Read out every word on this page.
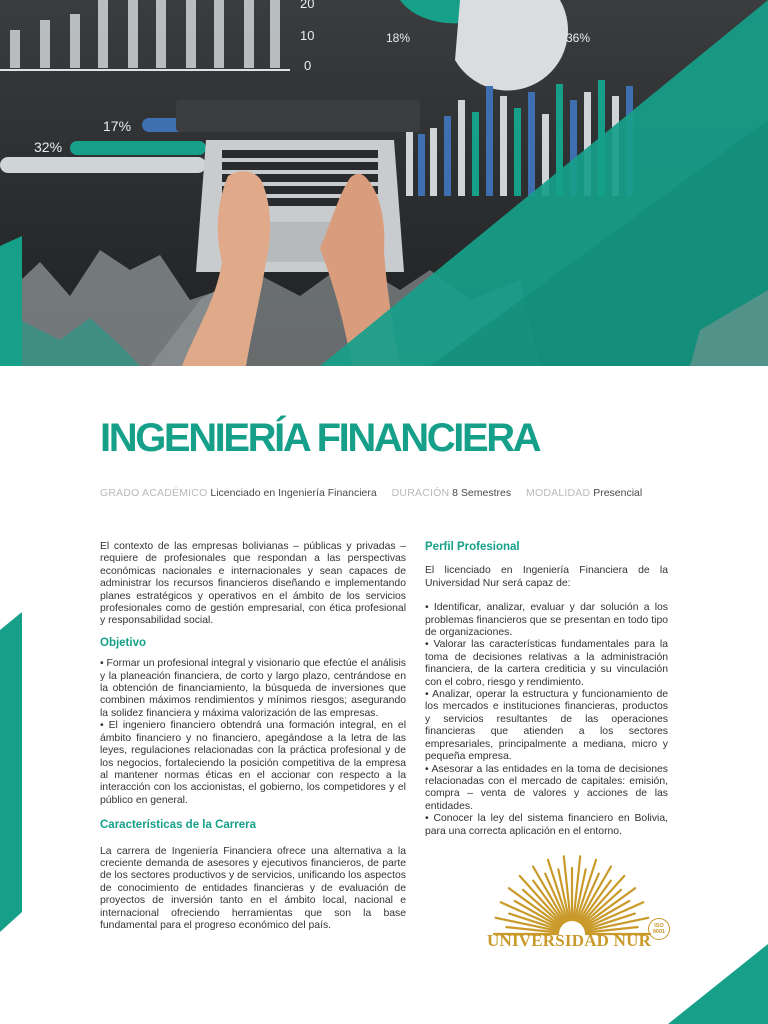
20
10
0
18%	36%
17%
32%
INGENIERÍA FINANCIERA
GRADO ACADÉMICO Licenciado en Ingeniería Financiera DURACIÓN 8 Semestres MODALIDAD Presencial

El contexto de las empresas bolivianas – públicas y privadas – requiere de profesionales que respondan a las perspectivas económicas nacionales e internacionales y sean capaces de administrar los recursos financieros diseñando e implementando planes estratégicos y operativos en el ámbito de los servicios profesionales como de gestión empresarial, con ética profesional y responsabilidad social.

Objetivo

• Formar un profesional integral y visionario que efectúe el análisis y la planeación financiera, de corto y largo plazo, centrándose en la obtención de financiamiento, la búsqueda de inversiones que combinen máximos rendimientos y mínimos riesgos; asegurando la solidez financiera y máxima valorización de las empresas.

• El ingeniero financiero obtendrá una formación integral, en el ámbito financiero y no financiero, apegándose a la letra de las leyes, regulaciones relacionadas con la práctica profesional y de los negocios, fortaleciendo la posición competitiva de la empresa al mantener normas éticas en el accionar con respecto a la interacción con los accionistas, el gobierno, los competidores y el público en general.

Características de la Carrera

La carrera de Ingeniería Financiera ofrece una alternativa a la creciente demanda de asesores y ejecutivos financieros, de parte de los sectores productivos y de servicios, unificando los aspectos de conocimiento de entidades financieras y de evaluación de proyectos de inversión tanto en el ámbito local, nacional e internacional ofreciendo herramientas que son la base fundamental para el progreso económico del país.

Perfil Profesional

El licenciado en Ingeniería Financiera de la Universidad Nur será capaz de:

• Identificar, analizar, evaluar y dar solución a los problemas financieros que se presentan en todo tipo de organizaciones.

• Valorar las características fundamentales para la toma de decisiones relativas a la administración financiera, de la cartera crediticia y su vinculación con el cobro, riesgo y rendimiento.

• Analizar, operar la estructura y funcionamiento de los mercados e instituciones financieras, productos y servicios resultantes de las operaciones financieras que atienden a los sectores empresariales, principalmente a mediana, micro y pequeña empresa.

• Asesorar a las entidades en la toma de decisiones relacionadas con el mercado de capitales: emisión, compra – venta de valores y acciones de las entidades.

• Conocer la ley del sistema financiero en Bolivia, para una correcta aplicación en el entorno.

UNIVERSIDAD NUR
ISO
9001
